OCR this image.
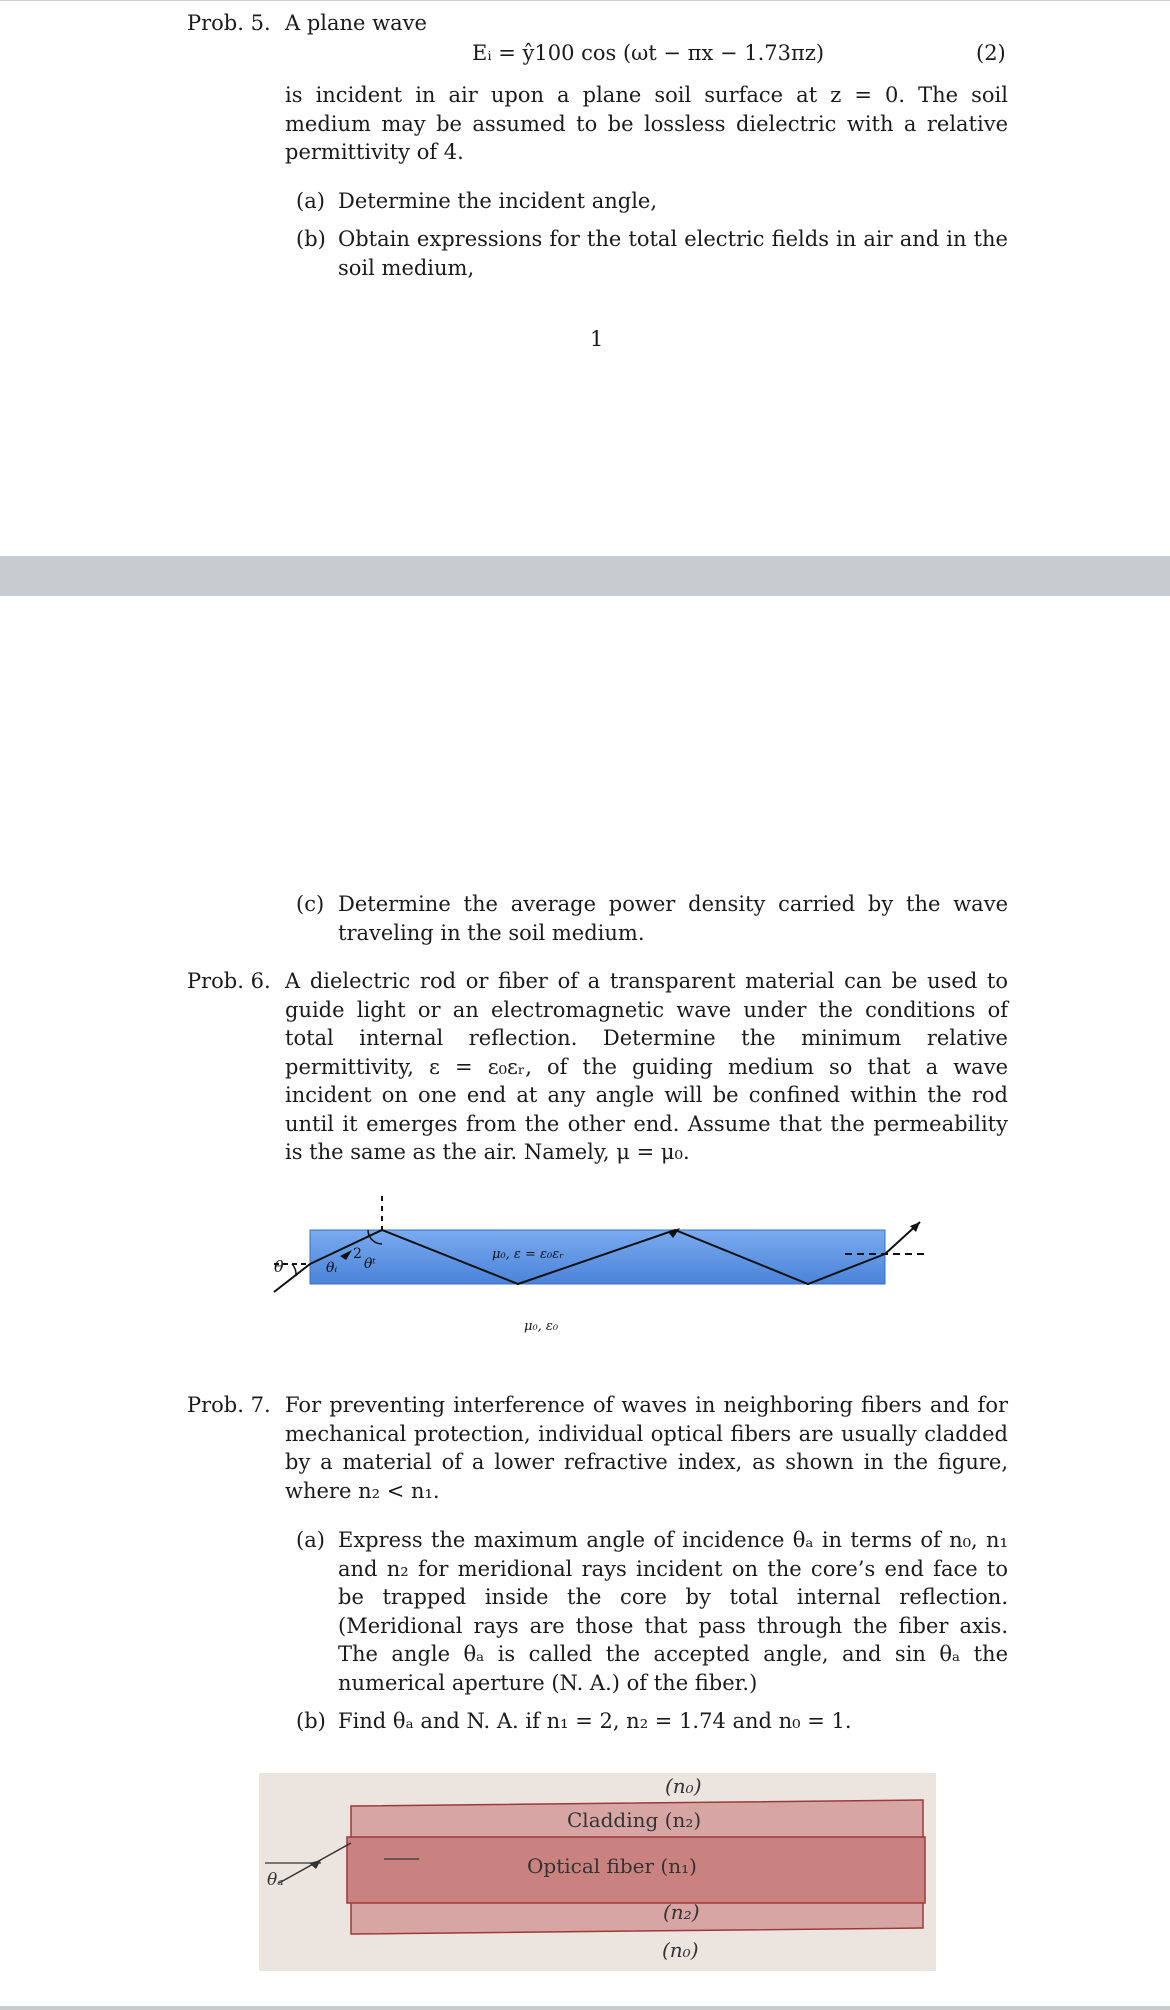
Prob. 5. A plane wave
Eᵢ = ŷ100 cos (ωt − πx − 1.73πz)	(2)
is incident in air upon a plane soil surface at z = 0. The soil medium may be assumed to be lossless dielectric with a relative permittivity of 4.
(a) Determine the incident angle,
(b) Obtain expressions for the total electric fields in air and in the soil medium,
1
(c) Determine the average power density carried by the wave traveling in the soil medium.
Prob. 6. A dielectric rod or fiber of a transparent material can be used to guide light or an electromagnetic wave under the conditions of total internal reflection. Determine the minimum relative permittivity, ε = ε₀εᵣ, of the guiding medium so that a wave incident on one end at any angle will be confined within the rod until it emerges from the other end. Assume that the permeability is the same as the air. Namely, μ = μ₀.
θ	θᵢ
2
θᵗ
μ₀, ε = ε₀εᵣ
μ₀, ε₀
Prob. 7. For preventing interference of waves in neighboring fibers and for mechanical protection, individual optical fibers are usually cladded by a material of a lower refractive index, as shown in the figure, where n₂ < n₁.
(a) Express the maximum angle of incidence θₐ in terms of n₀, n₁ and n₂ for meridional rays incident on the core’s end face to be trapped inside the core by total internal reflection. (Meridional rays are those that pass through the fiber axis. The angle θₐ is called the accepted angle, and sin θₐ the numerical aperture (N. A.) of the fiber.)
(b) Find θₐ and N. A. if n₁ = 2, n₂ = 1.74 and n₀ = 1.
θₐ
(n₀)
Cladding (n₂)
Optical fiber (n₁)
(n₂)
(n₀)
